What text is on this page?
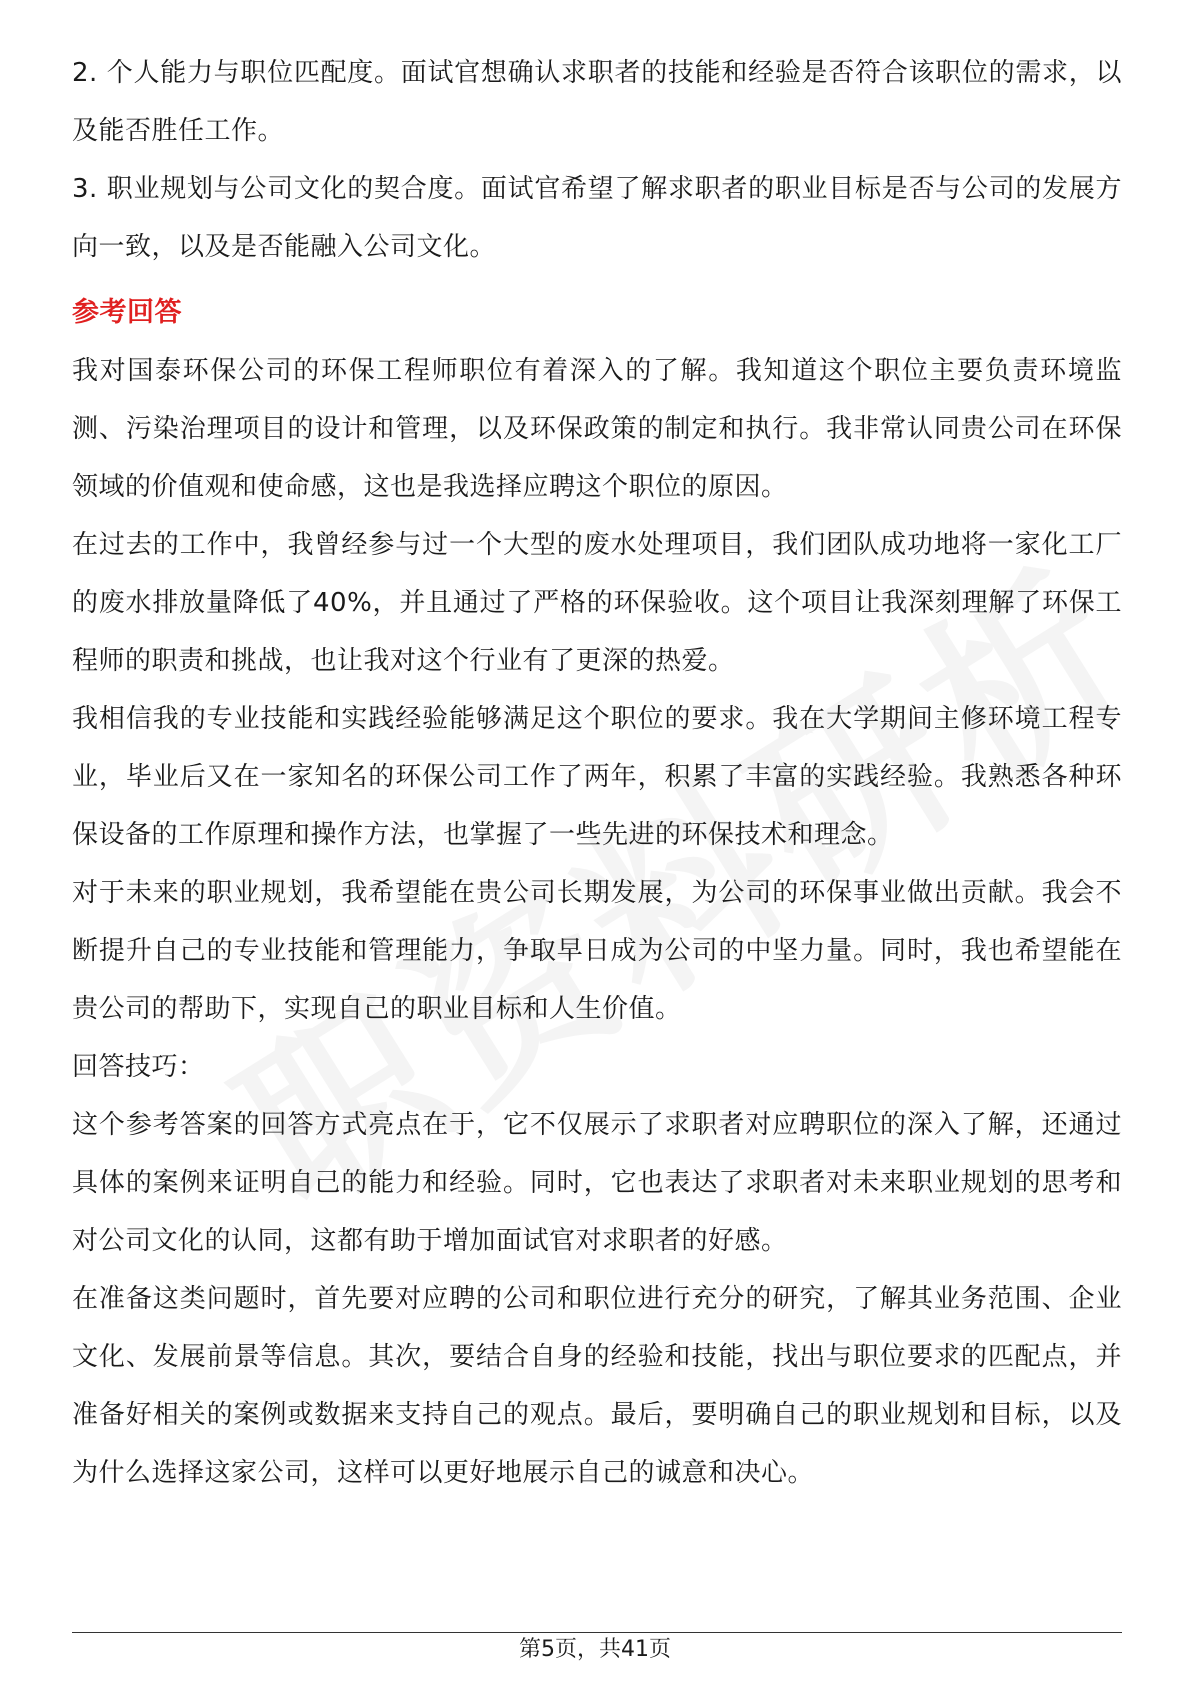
2. 个人能力与职位匹配度。面试官想确认求职者的技能和经验是否符合该职位的需求，以及能否胜任工作。

3. 职业规划与公司文化的契合度。面试官希望了解求职者的职业目标是否与公司的发展方向一致，以及是否能融入公司文化。

参考回答

我对国泰环保公司的环保工程师职位有着深入的了解。我知道这个职位主要负责环境监测、污染治理项目的设计和管理，以及环保政策的制定和执行。我非常认同贵公司在环保领域的价值观和使命感，这也是我选择应聘这个职位的原因。

在过去的工作中，我曾经参与过一个大型的废水处理项目，我们团队成功地将一家化工厂的废水排放量降低了40%，并且通过了严格的环保验收。这个项目让我深刻理解了环保工程师的职责和挑战，也让我对这个行业有了更深的热爱。

我相信我的专业技能和实践经验能够满足这个职位的要求。我在大学期间主修环境工程专业，毕业后又在一家知名的环保公司工作了两年，积累了丰富的实践经验。我熟悉各种环保设备的工作原理和操作方法，也掌握了一些先进的环保技术和理念。

对于未来的职业规划，我希望能在贵公司长期发展，为公司的环保事业做出贡献。我会不断提升自己的专业技能和管理能力，争取早日成为公司的中坚力量。同时，我也希望能在贵公司的帮助下，实现自己的职业目标和人生价值。

回答技巧：

这个参考答案的回答方式亮点在于，它不仅展示了求职者对应聘职位的深入了解，还通过具体的案例来证明自己的能力和经验。同时，它也表达了求职者对未来职业规划的思考和对公司文化的认同，这都有助于增加面试官对求职者的好感。

在准备这类问题时，首先要对应聘的公司和职位进行充分的研究，了解其业务范围、企业文化、发展前景等信息。其次，要结合自身的经验和技能，找出与职位要求的匹配点，并准备好相关的案例或数据来支持自己的观点。最后，要明确自己的职业规划和目标，以及为什么选择这家公司，这样可以更好地展示自己的诚意和决心。

第5页，共41页
